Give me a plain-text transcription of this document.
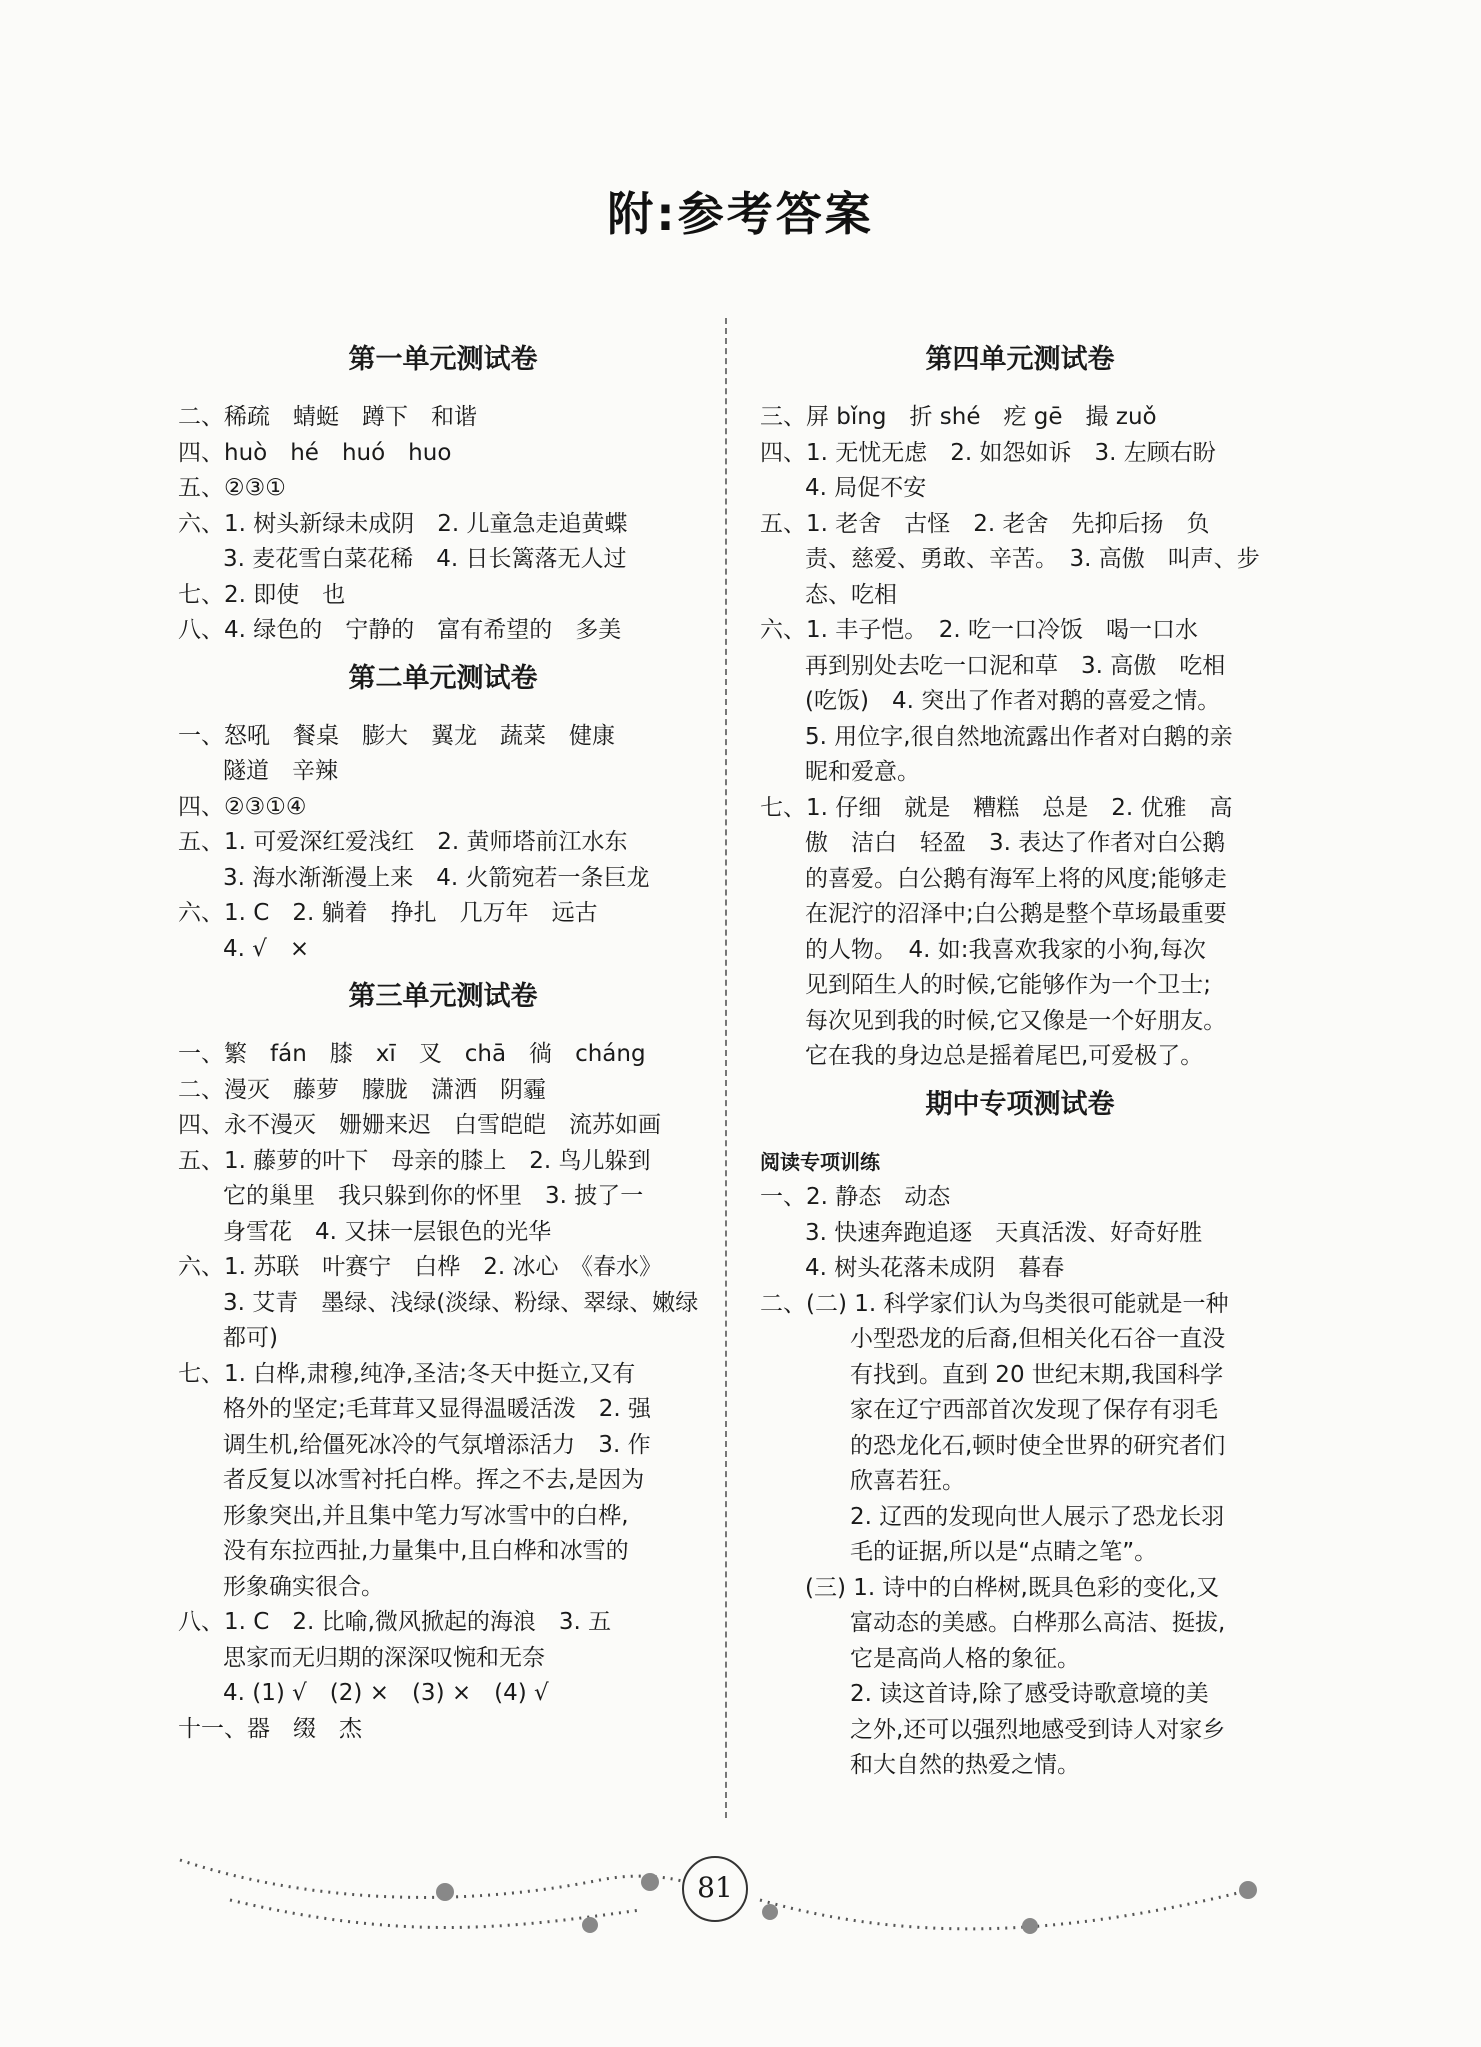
附:参考答案
第一单元测试卷
二、稀疏　蜻蜓　蹲下　和谐
四、huò　hé　huó　huo
五、②③①
六、1. 树头新绿未成阴　2. 儿童急走追黄蝶
3. 麦花雪白菜花稀　4. 日长篱落无人过
七、2. 即使　也
八、4. 绿色的　宁静的　富有希望的　多美
第二单元测试卷
一、怒吼　餐桌　膨大　翼龙　蔬菜　健康
隧道　辛辣
四、②③①④
五、1. 可爱深红爱浅红　2. 黄师塔前江水东
3. 海水渐渐漫上来　4. 火箭宛若一条巨龙
六、1. C　2. 躺着　挣扎　几万年　远古
4. √　×
第三单元测试卷
一、繁　fán　膝　xī　叉　chā　徜　cháng
二、漫灭　藤萝　朦胧　潇洒　阴霾
四、永不漫灭　姗姗来迟　白雪皑皑　流苏如画
五、1. 藤萝的叶下　母亲的膝上　2. 鸟儿躲到
它的巢里　我只躲到你的怀里　3. 披了一
身雪花　4. 又抹一层银色的光华
六、1. 苏联　叶赛宁　白桦　2. 冰心　《春水》
3. 艾青　墨绿、浅绿(淡绿、粉绿、翠绿、嫩绿
都可)
七、1. 白桦,肃穆,纯净,圣洁;冬天中挺立,又有
格外的坚定;毛茸茸又显得温暖活泼　2. 强
调生机,给僵死冰冷的气氛增添活力　3. 作
者反复以冰雪衬托白桦。挥之不去,是因为
形象突出,并且集中笔力写冰雪中的白桦,
没有东拉西扯,力量集中,且白桦和冰雪的
形象确实很合。
八、1. C　2. 比喻,微风掀起的海浪　3. 五
思家而无归期的深深叹惋和无奈
4. (1) √　(2) ×　(3) ×　(4) √
十一、器　缀　杰
第四单元测试卷
三、屏 bǐng　折 shé　疙 gē　撮 zuǒ
四、1. 无忧无虑　2. 如怨如诉　3. 左顾右盼
4. 局促不安
五、1. 老舍　古怪　2. 老舍　先抑后扬　负
责、慈爱、勇敢、辛苦。　3. 高傲　叫声、步
态、吃相
六、1. 丰子恺。　2. 吃一口冷饭　喝一口水
再到别处去吃一口泥和草　3. 高傲　吃相
(吃饭)　4. 突出了作者对鹅的喜爱之情。
5. 用位字,很自然地流露出作者对白鹅的亲
昵和爱意。
七、1. 仔细　就是　糟糕　总是　2. 优雅　高
傲　洁白　轻盈　3. 表达了作者对白公鹅
的喜爱。白公鹅有海军上将的风度;能够走
在泥泞的沼泽中;白公鹅是整个草场最重要
的人物。　4. 如:我喜欢我家的小狗,每次
见到陌生人的时候,它能够作为一个卫士;
每次见到我的时候,它又像是一个好朋友。
它在我的身边总是摇着尾巴,可爱极了。
期中专项测试卷
阅读专项训练
一、2. 静态　动态
3. 快速奔跑追逐　天真活泼、好奇好胜
4. 树头花落未成阴　暮春
二、(二) 1. 科学家们认为鸟类很可能就是一种
小型恐龙的后裔,但相关化石谷一直没
有找到。直到 20 世纪末期,我国科学
家在辽宁西部首次发现了保存有羽毛
的恐龙化石,顿时使全世界的研究者们
欣喜若狂。
2. 辽西的发现向世人展示了恐龙长羽
毛的证据,所以是“点睛之笔”。
(三) 1. 诗中的白桦树,既具色彩的变化,又
富动态的美感。白桦那么高洁、挺拔,
它是高尚人格的象征。
2. 读这首诗,除了感受诗歌意境的美
之外,还可以强烈地感受到诗人对家乡
和大自然的热爱之情。
81
